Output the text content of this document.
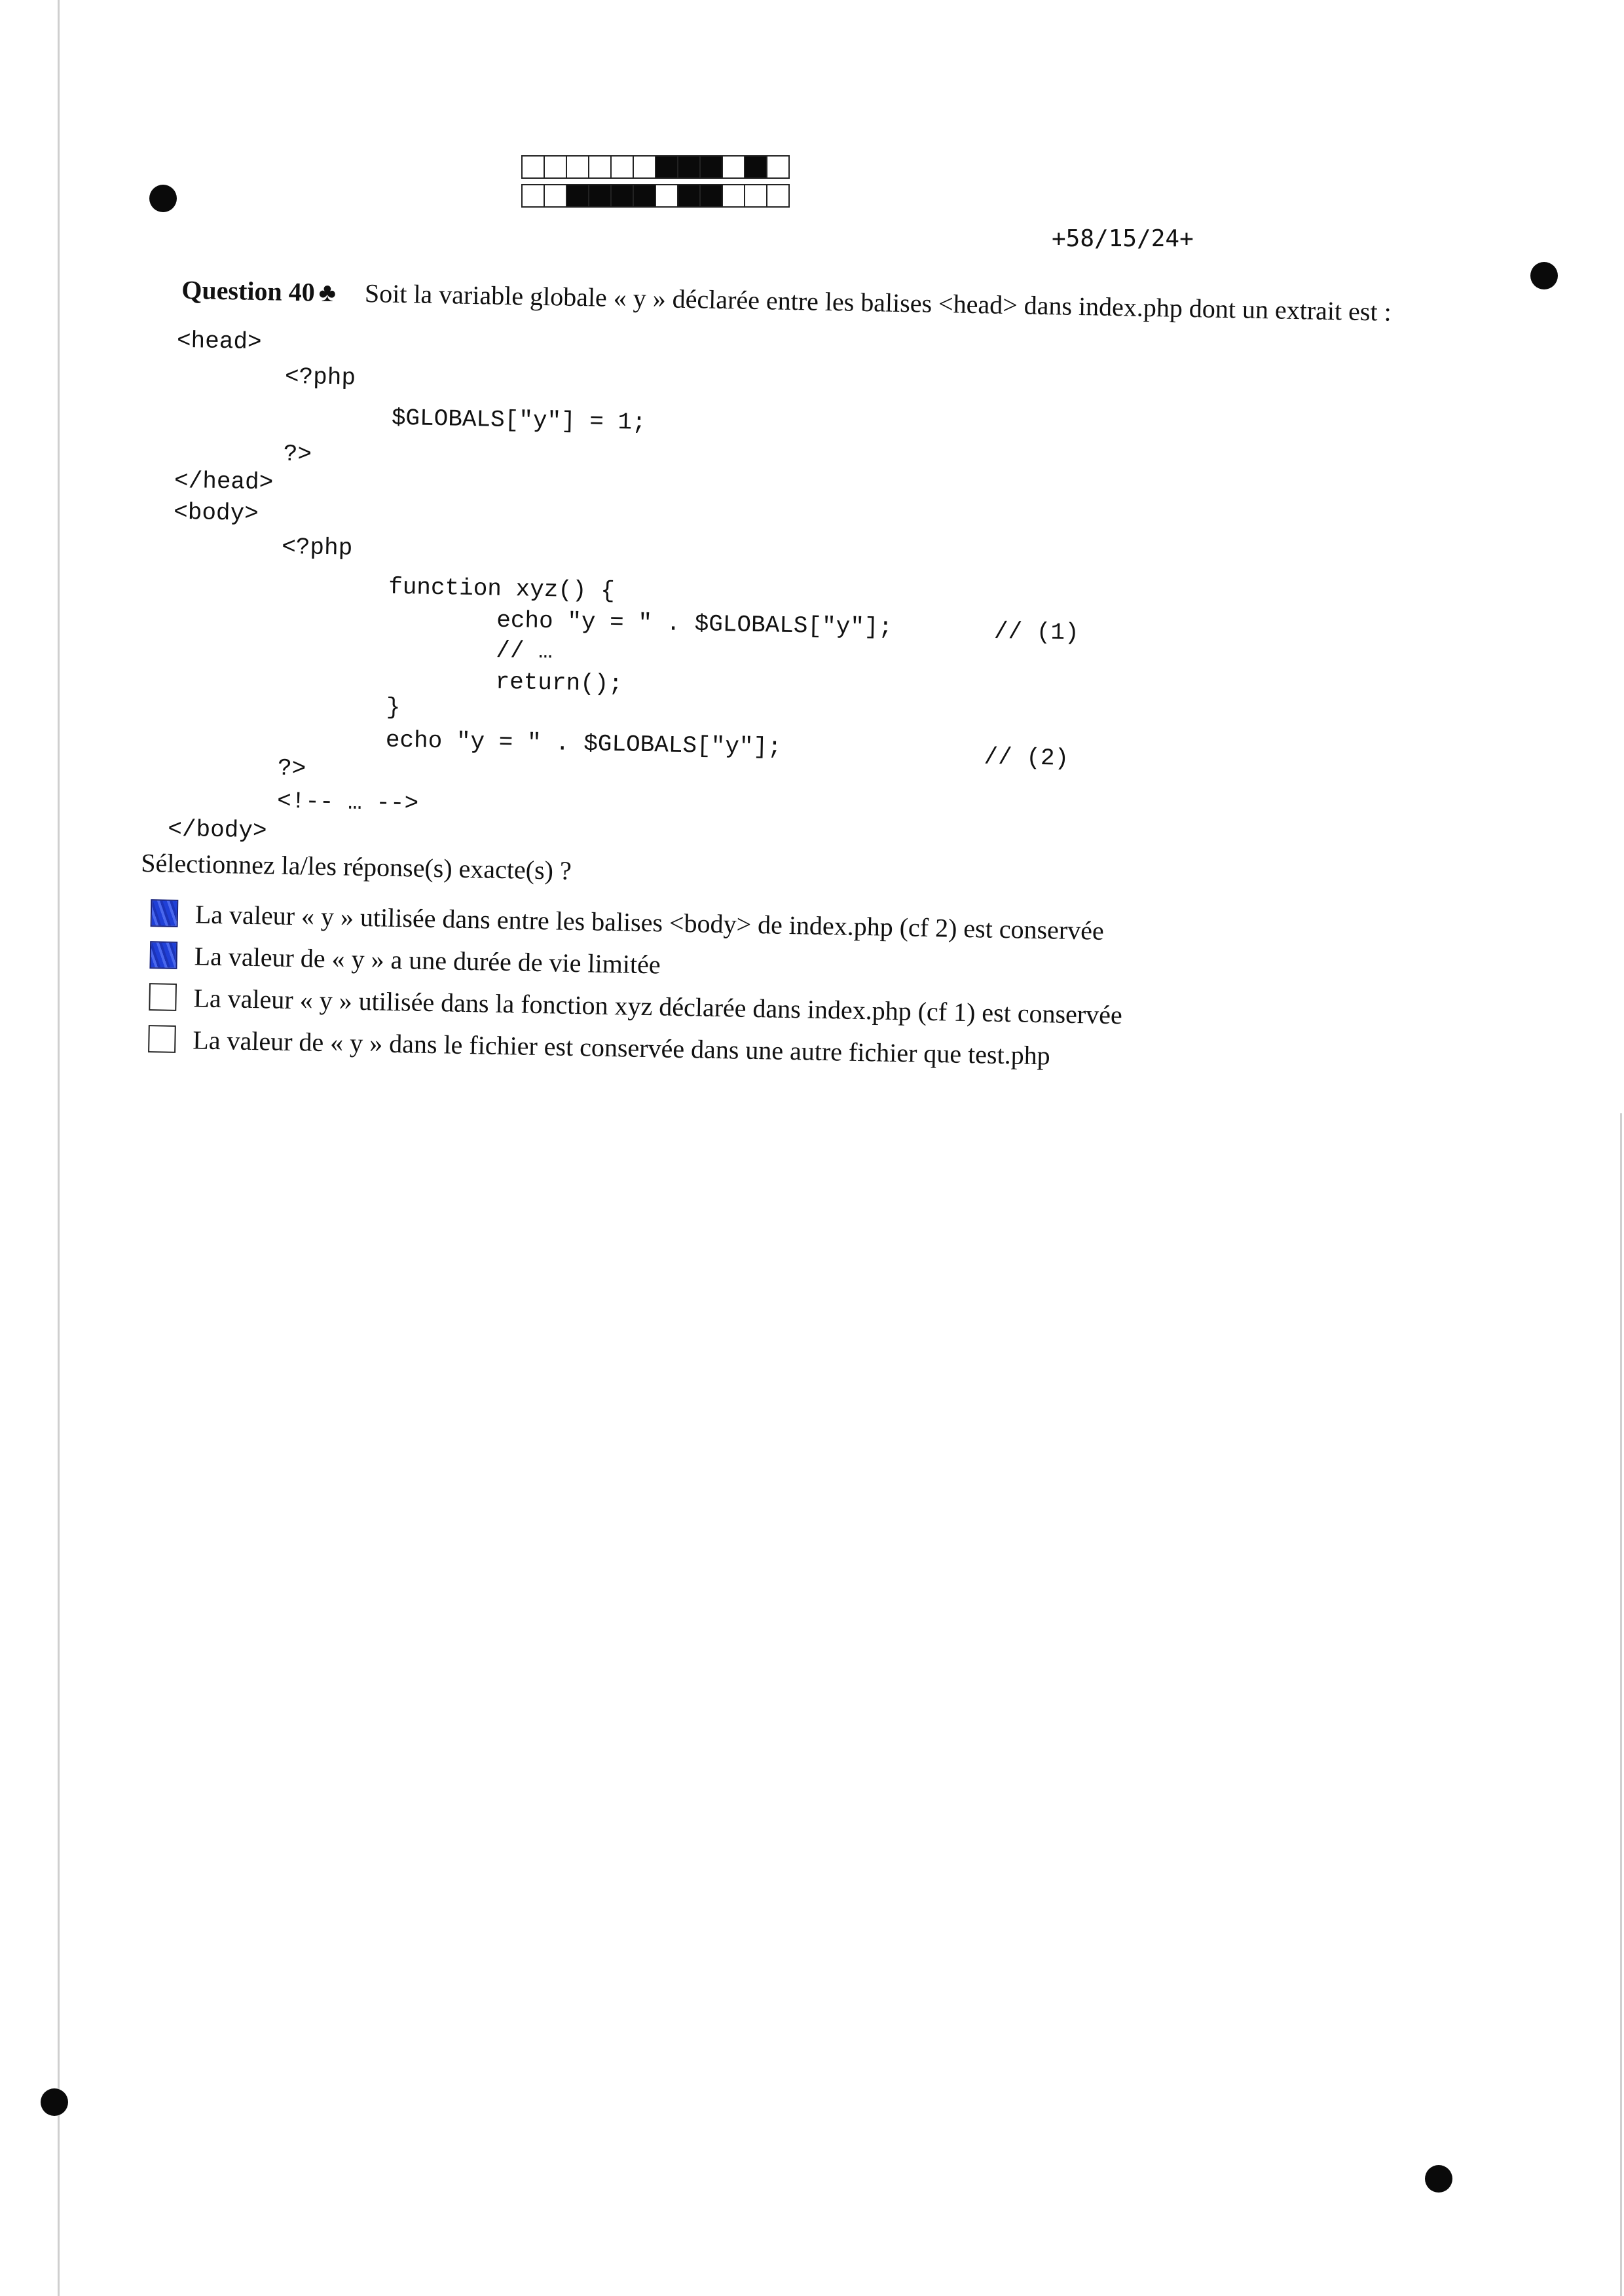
+58/15/24+
Question 40 ♣ Soit la variable globale « y » déclarée entre les balises <head> dans index.php dont un extrait est :
<head>
<?php
$GLOBALS["y"] = 1;
?>
</head>
<body>
<?php
function xyz() {
echo "y = " . $GLOBALS["y"];
// …
return();
}
echo "y = " . $GLOBALS["y"];
?>
<!-- … -->
</body>
// (1)
// (2)
Sélectionnez la/les réponse(s) exacte(s) ?
La valeur « y » utilisée dans entre les balises <body> de index.php (cf 2) est conservée
La valeur de « y » a une durée de vie limitée
La valeur « y » utilisée dans la fonction xyz déclarée dans index.php (cf 1) est conservée
La valeur de « y » dans le fichier est conservée dans une autre fichier que test.php
